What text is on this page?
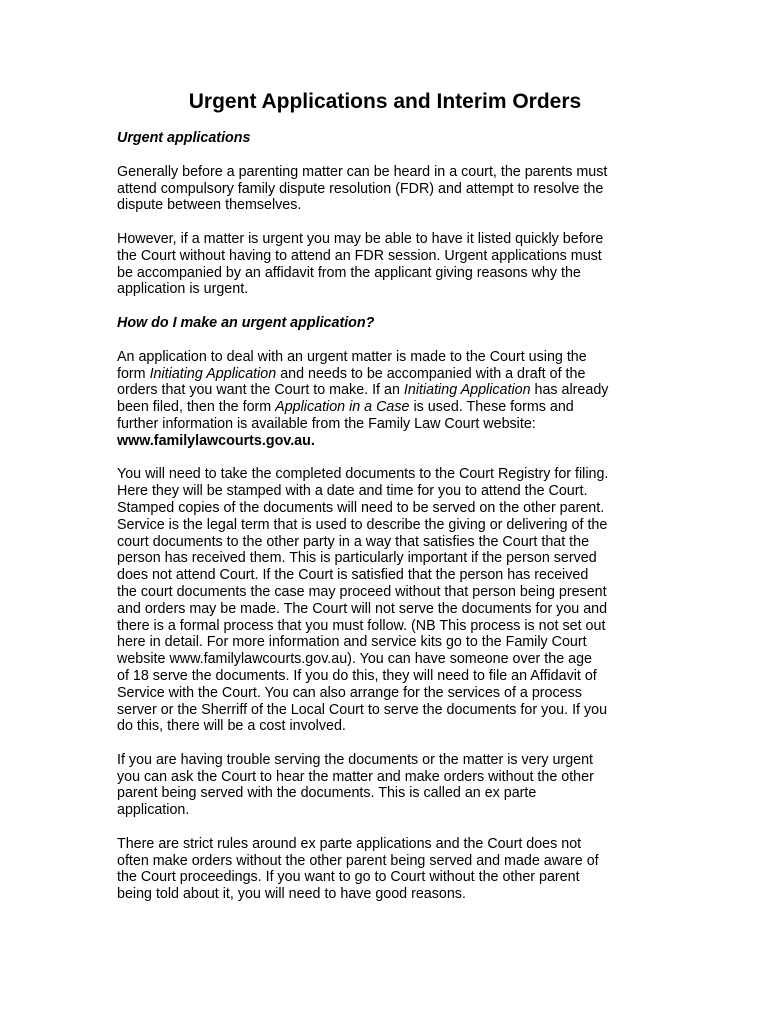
Urgent Applications and Interim Orders
Urgent applications

Generally before a parenting matter can be heard in a court, the parents must
attend compulsory family dispute resolution (FDR) and attempt to resolve the
dispute between themselves.

However, if a matter is urgent you may be able to have it listed quickly before
the Court without having to attend an FDR session. Urgent applications must
be accompanied by an affidavit from the applicant giving reasons why the
application is urgent.

How do I make an urgent application?

An application to deal with an urgent matter is made to the Court using the
form Initiating Application and needs to be accompanied with a draft of the
orders that you want the Court to make. If an Initiating Application has already
been filed, then the form Application in a Case is used. These forms and
further information is available from the Family Law Court website:
www.familylawcourts.gov.au.

You will need to take the completed documents to the Court Registry for filing.
Here they will be stamped with a date and time for you to attend the Court.
Stamped copies of the documents will need to be served on the other parent.
Service is the legal term that is used to describe the giving or delivering of the
court documents to the other party in a way that satisfies the Court that the
person has received them. This is particularly important if the person served
does not attend Court. If the Court is satisfied that the person has received
the court documents the case may proceed without that person being present
and orders may be made. The Court will not serve the documents for you and
there is a formal process that you must follow. (NB This process is not set out
here in detail. For more information and service kits go to the Family Court
website www.familylawcourts.gov.au). You can have someone over the age
of 18 serve the documents. If you do this, they will need to file an Affidavit of
Service with the Court. You can also arrange for the services of a process
server or the Sherriff of the Local Court to serve the documents for you. If you
do this, there will be a cost involved.

If you are having trouble serving the documents or the matter is very urgent
you can ask the Court to hear the matter and make orders without the other
parent being served with the documents. This is called an ex parte
application.

There are strict rules around ex parte applications and the Court does not
often make orders without the other parent being served and made aware of
the Court proceedings. If you want to go to Court without the other parent
being told about it, you will need to have good reasons.
